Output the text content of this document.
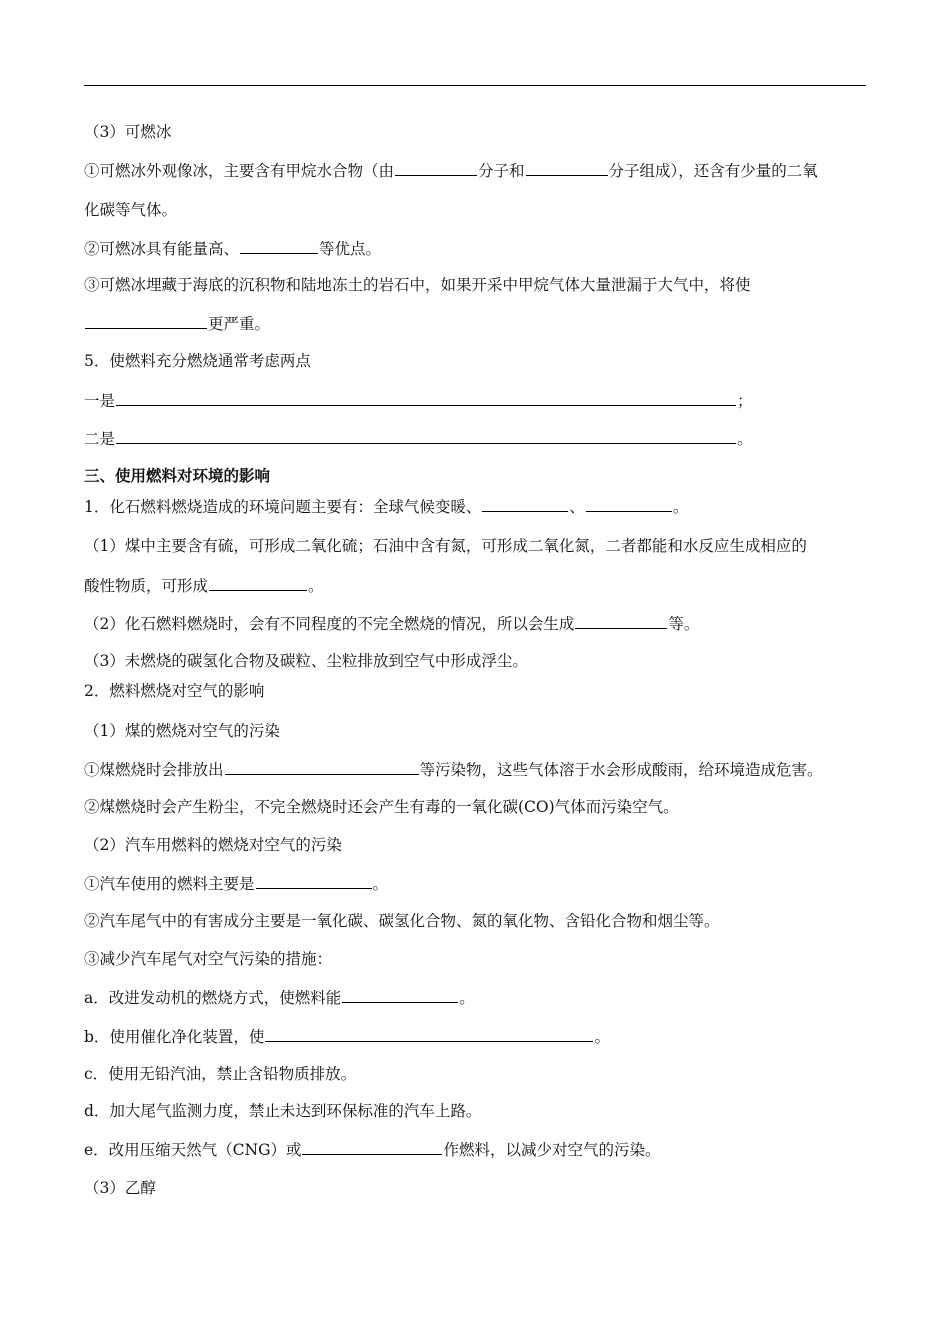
（3）可燃冰
①可燃冰外观像冰，主要含有甲烷水合物（由	分子和	分子组成），还含有少量的二氧
化碳等气体。
②可燃冰具有能量高、	等优点。
③可燃冰埋藏于海底的沉积物和陆地冻土的岩石中，如果开采中甲烷气体大量泄漏于大气中，将使
更严重。
5．使燃料充分燃烧通常考虑两点
一是	；
二是	。
三、使用燃料对环境的影响
1．化石燃料燃烧造成的环境问题主要有：全球气候变暖、	、	。
（1）煤中主要含有硫，可形成二氧化硫；石油中含有氮，可形成二氧化氮，二者都能和水反应生成相应的
酸性物质，可形成	。
（2）化石燃料燃烧时，会有不同程度的不完全燃烧的情况，所以会生成	等。
（3）未燃烧的碳氢化合物及碳粒、尘粒排放到空气中形成浮尘。
2．燃料燃烧对空气的影响
（1）煤的燃烧对空气的污染
①煤燃烧时会排放出	等污染物，这些气体溶于水会形成酸雨，给环境造成危害。
②煤燃烧时会产生粉尘，不完全燃烧时还会产生有毒的一氧化碳(CO)气体而污染空气。
（2）汽车用燃料的燃烧对空气的污染
①汽车使用的燃料主要是	。
②汽车尾气中的有害成分主要是一氧化碳、碳氢化合物、氮的氧化物、含铅化合物和烟尘等。
③减少汽车尾气对空气污染的措施：
a．改进发动机的燃烧方式，使燃料能	。
b．使用催化净化装置，使	。
c．使用无铅汽油，禁止含铅物质排放。
d．加大尾气监测力度，禁止未达到环保标准的汽车上路。
e．改用压缩天然气（CNG）或	作燃料，以减少对空气的污染。
（3）乙醇
